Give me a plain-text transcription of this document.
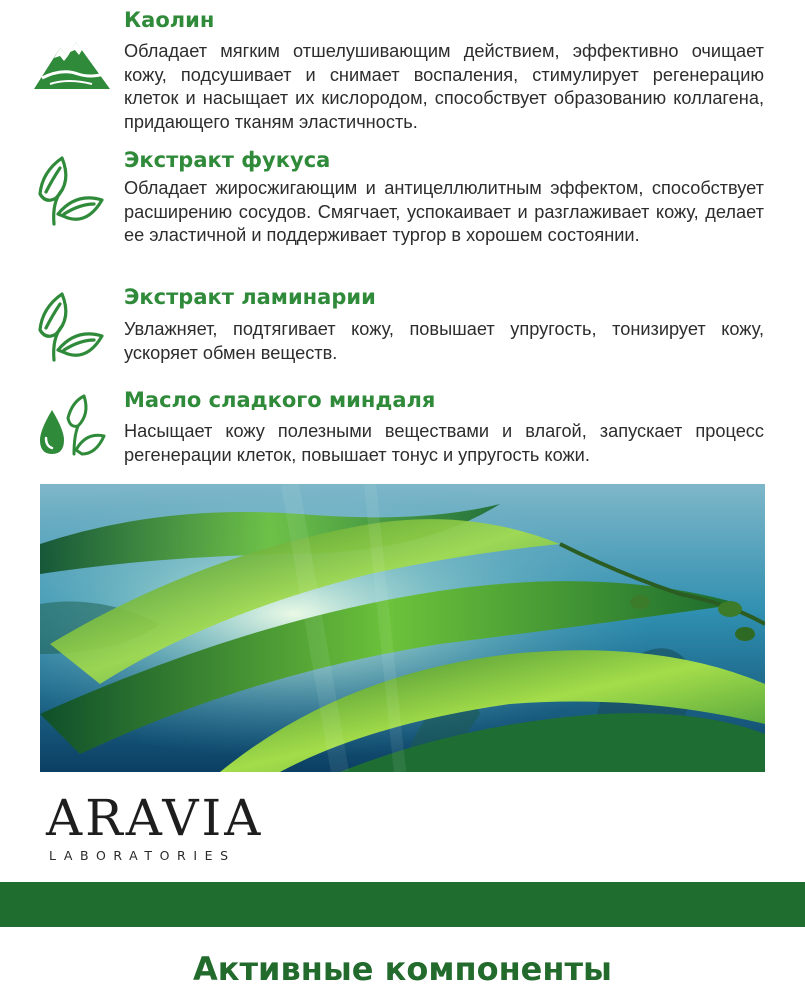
Каолин
Обладает мягким отшелушивающим действием, эффективно очищает кожу, подсушивает и снимает воспаления, стимулирует регенерацию клеток и насыщает их кислородом, способствует образованию коллагена, придающего тканям эластичность.
Экстракт фукуса
Обладает жиросжигающим и антицеллюлитным эффектом, способствует расширению сосудов. Смягчает, успокаивает и разглаживает кожу, делает ее эластичной и поддерживает тургор в хорошем состоянии.
Экстракт ламинарии
Увлажняет, подтягивает кожу, повышает упругость, тонизирует кожу, ускоряет обмен веществ.
Масло сладкого миндаля
Насыщает кожу полезными веществами и влагой, запускает процесс регенерации клеток, повышает тонус и упругость кожи.
ARAVIA
LABORATORIES
Активные компоненты
